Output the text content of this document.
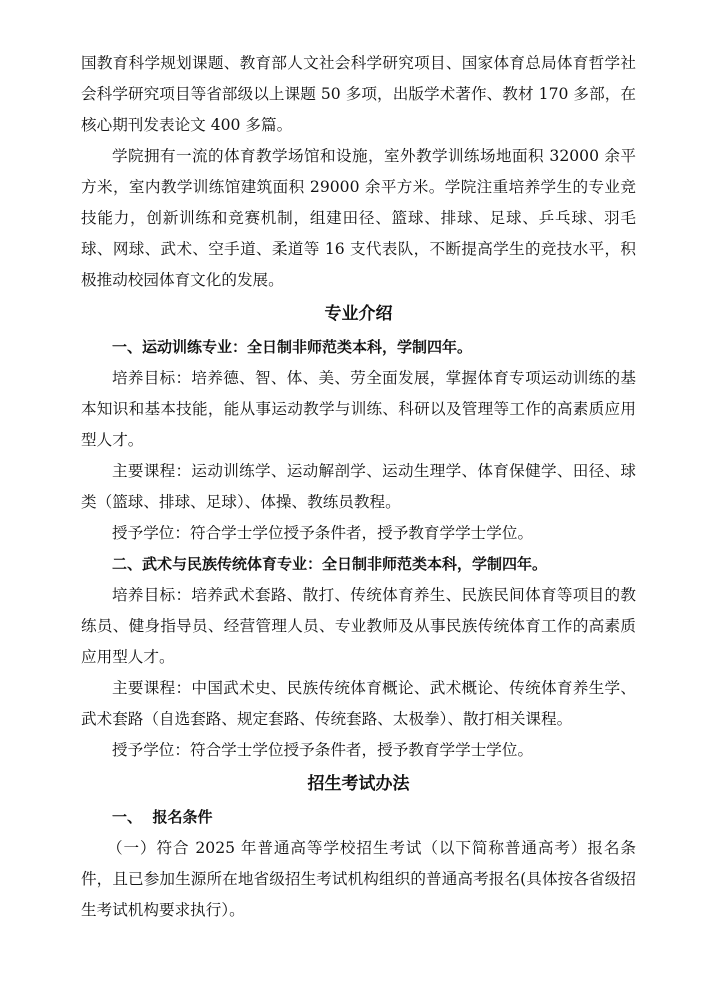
国教育科学规划课题、教育部人文社会科学研究项目、国家体育总局体育哲学社会科学研究项目等省部级以上课题 50 多项，出版学术著作、教材 170 多部，在核心期刊发表论文 400 多篇。

学院拥有一流的体育教学场馆和设施，室外教学训练场地面积 32000 余平方米，室内教学训练馆建筑面积 29000 余平方米。学院注重培养学生的专业竞技能力，创新训练和竞赛机制，组建田径、篮球、排球、足球、乒乓球、羽毛球、网球、武术、空手道、柔道等 16 支代表队，不断提高学生的竞技水平，积极推动校园体育文化的发展。

专业介绍

一、运动训练专业：全日制非师范类本科，学制四年。

培养目标：培养德、智、体、美、劳全面发展，掌握体育专项运动训练的基本知识和基本技能，能从事运动教学与训练、科研以及管理等工作的高素质应用型人才。

主要课程：运动训练学、运动解剖学、运动生理学、体育保健学、田径、球类（篮球、排球、足球）、体操、教练员教程。

授予学位：符合学士学位授予条件者，授予教育学学士学位。

二、武术与民族传统体育专业：全日制非师范类本科，学制四年。

培养目标：培养武术套路、散打、传统体育养生、民族民间体育等项目的教练员、健身指导员、经营管理人员、专业教师及从事民族传统体育工作的高素质应用型人才。

主要课程：中国武术史、民族传统体育概论、武术概论、传统体育养生学、武术套路（自选套路、规定套路、传统套路、太极拳）、散打相关课程。

授予学位：符合学士学位授予条件者，授予教育学学士学位。

招生考试办法

一、  报名条件

（一）符合 2025 年普通高等学校招生考试（以下简称普通高考）报名条件，且已参加生源所在地省级招生考试机构组织的普通高考报名(具体按各省级招生考试机构要求执行）。
